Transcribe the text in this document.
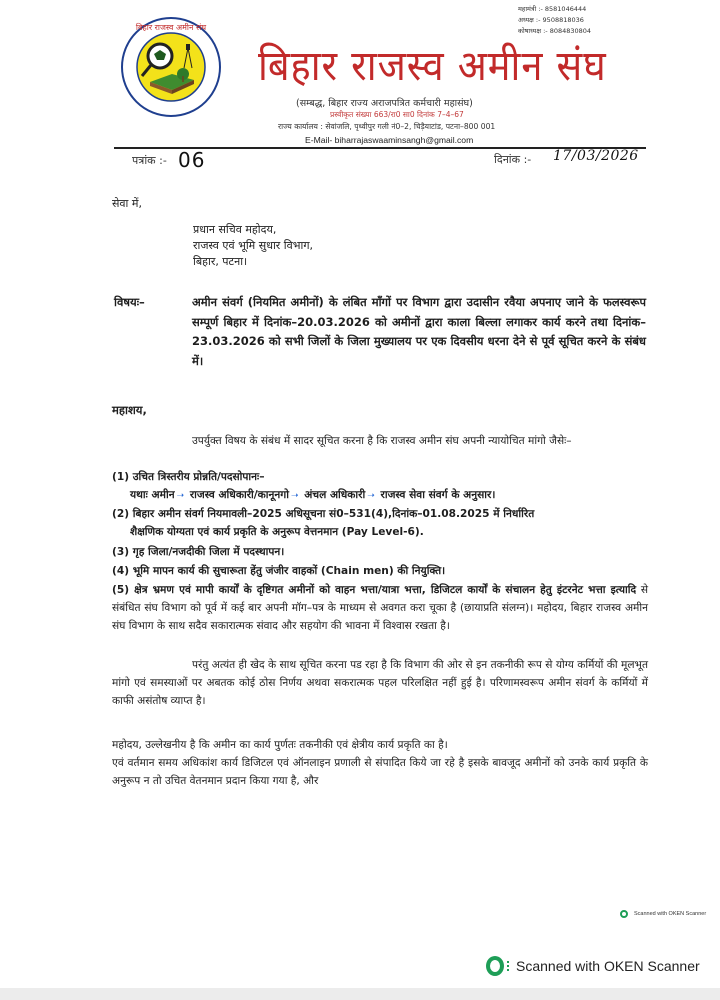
बिहार राजस्व अमीन संघ
महामंत्री :- 8581046444
अध्यक्ष :- 9508818036
कोषाध्यक्ष :- 8084830804
बिहार राजस्व अमीन संघ
(सम्बद्ध, बिहार राज्य अराजपत्रित कर्मचारी महासंघ)
प्रस्वीकृत संख्या 663/रा0 सा0 दिनांक 7–4–67
राज्य कार्यालय : सेवांजलि, पृथ्वीपुर गली नं0–2, चिड़ैयाटांड, पटना–800 001
E-Mail- biharrajaswaaminsangh@gmail.com
पत्रांक :- 06	दिनांक :- 17/03/2026
सेवा में,
प्रधान सचिव महोदय,
राजस्व एवं भूमि सुधार विभाग,
बिहार, पटना।
विषयः–	अमीन संवर्ग (नियमित अमीनों) के लंबित माँगों पर विभाग द्वारा उदासीन रवैया अपनाए जाने के फलस्वरूप सम्पूर्ण बिहार में दिनांक–20.03.2026 को अमीनों द्वारा काला बिल्ला लगाकर कार्य करने तथा दिनांक–23.03.2026 को सभी जिलों के जिला मुख्यालय पर एक दिवसीय धरना देने से पूर्व सूचित करने के संबंध में।
महाशय,
उपर्युक्त विषय के संबंध में सादर सूचित करना है कि राजस्व अमीन संघ अपनी न्यायोचित मांगो जैसेः–
(1) उचित त्रिस्तरीय प्रोन्नति/पदसोपानः–
यथाः अमीन ➝ राजस्व अधिकारी/कानूनगो ➝ अंचल अधिकारी ➝ राजस्व सेवा संवर्ग के अनुसार।
(2) बिहार अमीन संवर्ग नियमावली–2025 अधिसूचना सं0–531(4),दिनांक–01.08.2025 में निर्धारित
शैक्षणिक योग्यता एवं कार्य प्रकृति के अनुरूप वेत्तनमान (Pay Level-6).
(3) गृह जिला/नजदीकी जिला में पदस्थापन।
(4) भूमि मापन कार्य की सुचारूता हेंतु जंजीर वाहकों (Chain men) की नियुक्ति।
(5) क्षेत्र भ्रमण एवं मापी कार्यों के दृष्टिगत अमीनों को वाहन भत्ता/यात्रा भत्ता, डिजिटल कार्यों के संचालन हेतु इंटरनेट भत्ता इत्यादि से संबंधित संघ विभाग को पूर्व में कई बार अपनी मॉग–पत्र के माध्यम से अवगत करा चूका है (छायाप्रति संलग्न)। महोदय, बिहार राजस्व अमीन संघ विभाग के साथ सदैव सकारात्मक संवाद और सहयोग की भावना में विश्वास रखता है।
परंतु अत्यंत ही खेद के साथ सूचित करना पड रहा है कि विभाग की ओर से इन तकनीकी रूप से योग्य कर्मियों की मूलभूत मांगो एवं समस्याओं पर अबतक कोई ठोस निर्णय अथवा सकरात्मक पहल परिलक्षित नहीं हुई है। परिणामस्वरूप अमीन संवर्ग के कर्मियों में काफी असंतोष व्याप्त है।
महोदय, उल्लेखनीय है कि अमीन का कार्य पुर्णतः तकनीकी एवं क्षेत्रीय कार्य प्रकृति का है।
एवं वर्तमान समय अधिकांश कार्य डिजिटल एवं ऑनलाइन प्रणाली से संपादित किये जा रहे है इसके बावजूद अमीनों को उनके कार्य प्रकृति के अनुरूप न तो उचित वेतनमान प्रदान किया गया है, और
Scanned with OKEN Scanner
Scanned with OKEN Scanner
